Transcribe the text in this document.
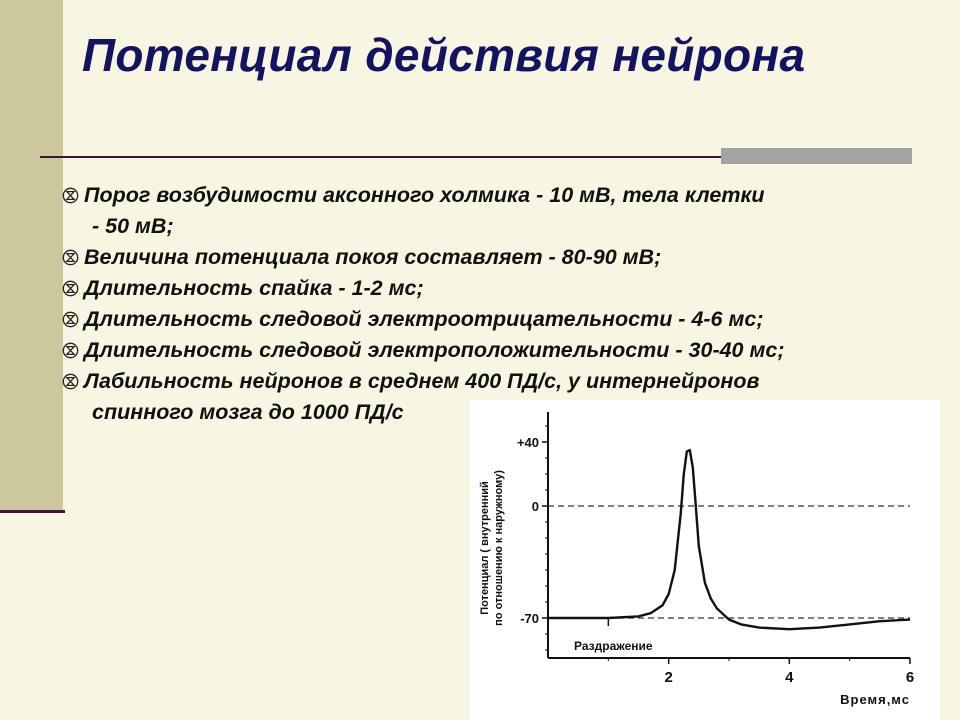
Потенциал действия нейрона
Порог возбудимости аксонного холмика - 10 мВ, тела клетки
- 50 мВ;
Величина потенциала покоя составляет - 80-90 мВ;
Длительность спайка - 1-2 мс;
Длительность следовой электроотрицательности - 4-6 мс;
Длительность следовой электроположительности - 30-40 мс;
Лабильность нейронов в среднем 400 ПД/с, у интернейронов
спинного мозга до 1000 ПД/с
+40
0
-70
2	4	6
Время,мс
Потенциал ( внутренний по отношению к наружному)
Раздражение
